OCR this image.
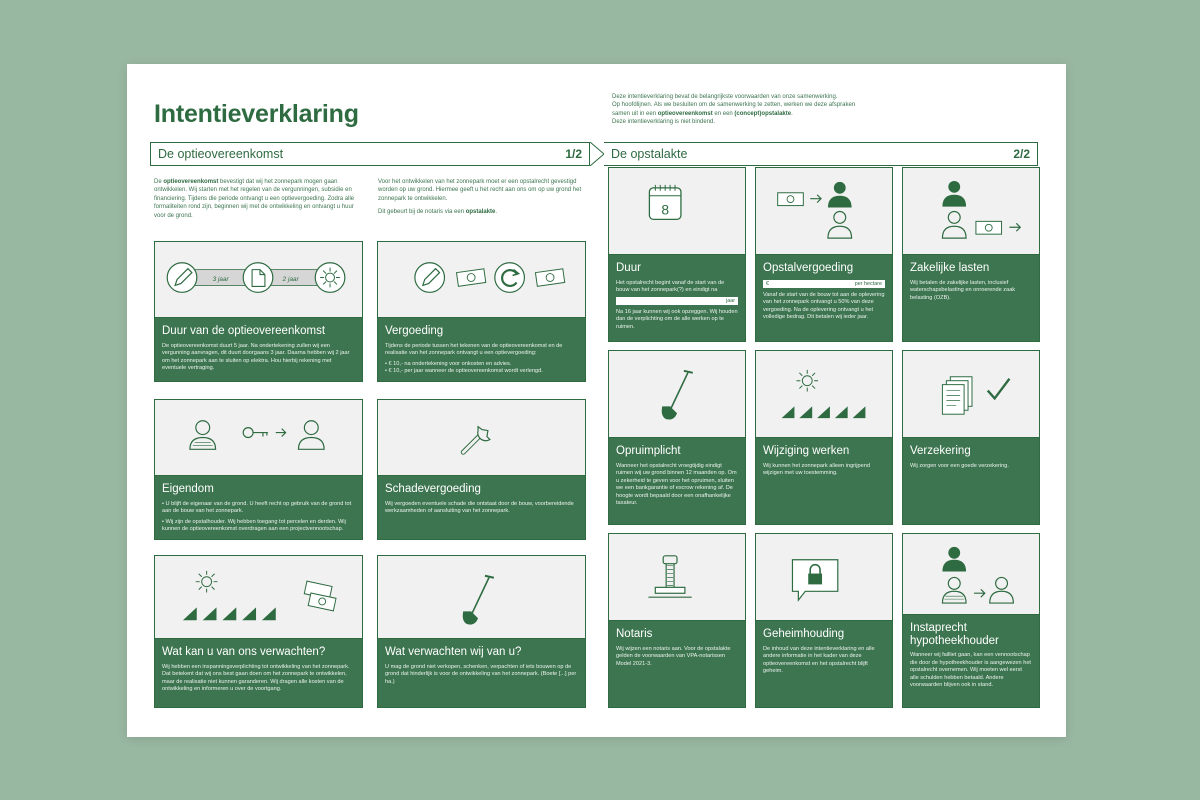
Intentieverklaring

Deze intentieverklaring bevat de belangrijkste voorwaarden van onze samenwerking.

Op hoofdlijnen. Als we besluiten om de samenwerking te zetten, werken we deze afspraken

samen uit in een optieovereenkomst en een (concept)opstalakte.

Deze intentieverklaring is niet bindend.

De optieovereenkomst	1/2 De opstalakte	2/2

De optieovereenkomst bevestigt dat wij het zonnepark mogen gaan ontwikkelen. Wij starten met het regelen van de vergunningen, subsidie en financiering. Tijdens die periode ontvangt u een optievergoeding. Zodra alle formaliteiten rond zijn, beginnen wij met de ontwikkeling en ontvangt u huur voor de grond.

Voor het ontwikkelen van het zonnepark moet er een opstalrecht gevestigd worden op uw grond. Hiermee geeft u het recht aan ons om op uw grond het zonnepark te ontwikkelen.

Dit gebeurt bij de notaris via een opstalakte.

3 jaar	2 jaar
Duur van de optieovereenkomst
De optieovereenkomst duurt 5 jaar. Na ondertekening zullen wij een vergunning aanvragen, dit duurt doorgaans 3 jaar. Daarna hebben wij 2 jaar om het zonnepark aan te sluiten op elektra. Hou hierbij rekening met eventuele vertraging.
Vergoeding
Tijdens de periode tussen het tekenen van de optieovereenkomst en de realisatie van het zonnepark ontvangt u een optievergoeding:
• € 10,- na ondertekening voor onkosten en advies.
• € 10,- per jaar wanneer de optieovereenkomst wordt verlengd.
Eigendom
• U blijft de eigenaar van de grond. U heeft recht op gebruik van de grond tot aan de bouw van het zonnepark.
• Wij zijn de opstalhouder. Wij hebben toegang tot percelen en derden. Wij kunnen de optieovereenkomst overdragen aan een projectvennootschap.
Schadevergoeding
Wij vergoeden eventuele schade die ontstaat door de bouw, voorbereidende werkzaamheden of aansluiting van het zonnepark.
Wat kan u van ons verwachten?
Wij hebben een inspanningsverplichting tot ontwikkeling van het zonnepark. Dat betekent dat wij ons best gaan doen om het zonnepark te ontwikkelen, maar de realisatie niet kunnen garanderen. Wij dragen alle kosten van de ontwikkeling en informeren u over de voortgang.
Wat verwachten wij van u?
U mag de grond niet verkopen, schenken, verpachten of iets bouwen op de grond dat hinderlijk is voor de ontwikkeling van het zonnepark. (Boete [...] per ha.)
8
Duur
Het opstalrecht begint vanaf de start van de bouw van het zonnepark(?) en eindigt na
jaar
Na 16 jaar kunnen wij ook opzeggen. Wij houden dan de verplichting om de alle werken op te ruimen.
Opstalvergoeding
€	per hectare
Vanaf de start van de bouw tot aan de oplevering van het zonnepark ontvangt u 50% van deze vergoeding. Na de oplevering ontvangt u het volledige bedrag. Dit betalen wij ieder jaar.
Zakelijke lasten
Wij betalen de zakelijke lasten, inclusief waterschapsbelasting en onroerende zaak belasting (OZB).
Opruimplicht
Wanneer het opstalrecht vroegtijdig eindigt ruimen wij uw grond binnen 12 maanden op. Om u zekerheid te geven voor het opruimen, sluiten we een bankgarantie of escrow rekening af. De hoogte wordt bepaald door een onafhankelijke taxateur.
Wijziging werken
Wij kunnen het zonnepark alleen ingrijpend wijzigen met uw toestemming.
Verzekering
Wij zorgen voor een goede verzekering.
Notaris
Wij wijzen een notaris aan. Voor de opstalakte gelden de voorwaarden van VPA-notarissen Model 2021-3.
Geheimhouding
De inhoud van deze intentieverklaring en alle andere informatie in het kader van deze optieovereenkomst en het opstalrecht blijft geheim.
Instaprecht hypotheekhouder
Wanneer wij failliet gaan, kan een vennootschap die door de hypotheekhouder is aangewezen het opstalrecht overnemen. Wij moeten wel eerst alle schulden hebben betaald. Andere voorwaarden blijven ook in stand.
